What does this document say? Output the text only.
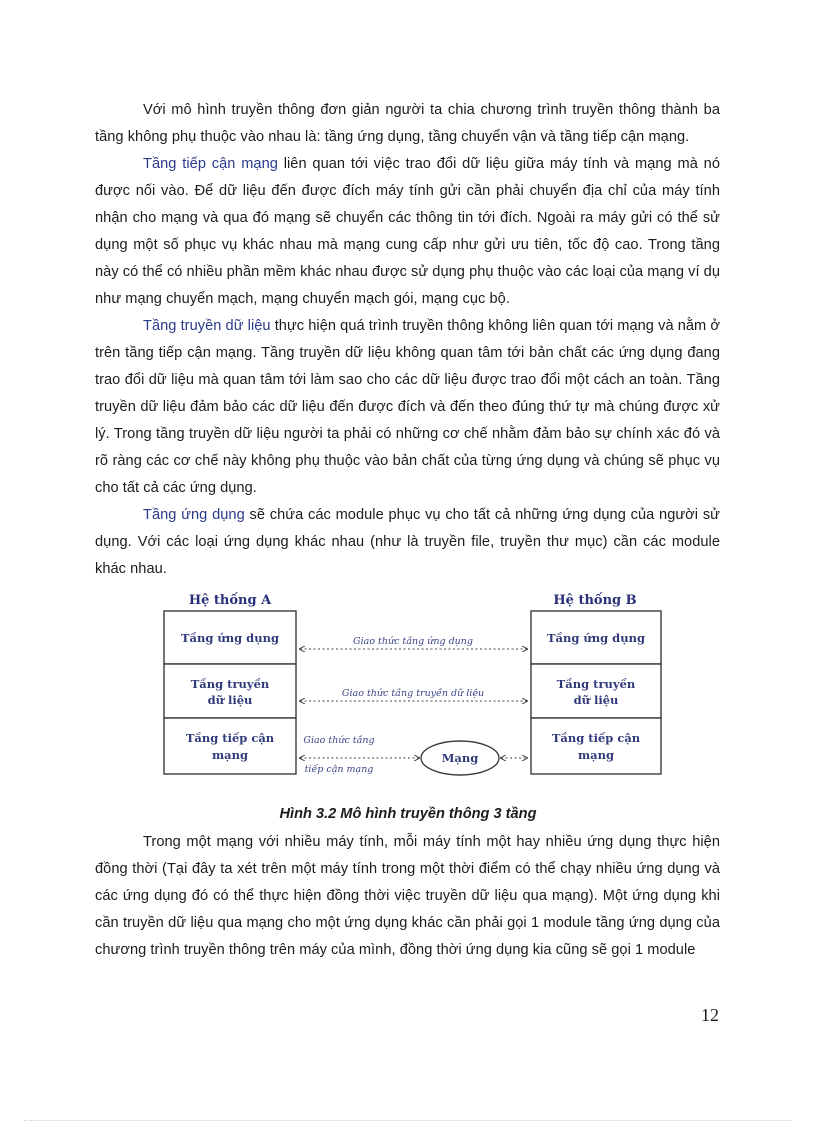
Với mô hình truyền thông đơn giản người ta chia chương trình truyền thông thành ba tầng không phụ thuộc vào nhau là: tầng ứng dụng, tầng chuyển vận và tầng tiếp cận mạng.

Tầng tiếp cận mạng liên quan tới việc trao đổi dữ liệu giữa máy tính và mạng mà nó được nối vào. Để dữ liệu đến được đích máy tính gửi cần phải chuyển địa chỉ của máy tính nhận cho mạng và qua đó mạng sẽ chuyển các thông tin tới đích. Ngoài ra máy gửi có thể sử dụng một số phục vụ khác nhau mà mạng cung cấp như gửi ưu tiên, tốc độ cao. Trong tầng này có thể có nhiều phần mềm khác nhau được sử dụng phụ thuộc vào các loại của mạng ví dụ như mạng chuyển mạch, mạng chuyển mạch gói, mạng cục bộ.

Tầng truyền dữ liệu thực hiện quá trình truyền thông không liên quan tới mạng và nằm ở trên tầng tiếp cận mạng. Tầng truyền dữ liệu không quan tâm tới bản chất các ứng dụng đang trao đổi dữ liệu mà quan tâm tới làm sao cho các dữ liệu được trao đổi một cách an toàn. Tầng truyền dữ liệu đảm bảo các dữ liệu đến được đích và đến theo đúng thứ tự mà chúng được xử lý. Trong tầng truyền dữ liệu người ta phải có những cơ chế nhằm đảm bảo sự chính xác đó và rõ ràng các cơ chế này không phụ thuộc vào bản chất của từng ứng dụng và chúng sẽ phục vụ cho tất cả các ứng dụng.

Tầng ứng dụng sẽ chứa các module phục vụ cho tất cả những ứng dụng của người sử dụng. Với các loại ứng dụng khác nhau (như là truyền file, truyền thư mục) cần các module khác nhau.

Hệ thống A	Hệ thống B
Tầng ứng dụng
Tầng truyền
dữ liệu
Tầng tiếp cận
mạng
Tầng ứng dụng
Tầng truyền
dữ liệu
Tầng tiếp cận
mạng
Giao thức tầng ứng dụng
Giao thức tầng truyền dữ liệu
Giao thức tầng
tiếp cận mạng
Mạng
Hình 3.2 Mô hình truyền thông 3 tầng

Trong một mạng với nhiều máy tính, mỗi máy tính một hay nhiều ứng dụng thực hiện đồng thời (Tại đây ta xét trên một máy tính trong một thời điểm có thể chạy nhiều ứng dụng và các ứng dụng đó có thể thực hiện đồng thời việc truyền dữ liệu qua mạng). Một ứng dụng khi cần truyền dữ liệu qua mạng cho một ứng dụng khác cần phải gọi 1 module tầng ứng dụng của chương trình truyền thông trên máy của mình, đồng thời ứng dụng kia cũng sẽ gọi 1 module

12
